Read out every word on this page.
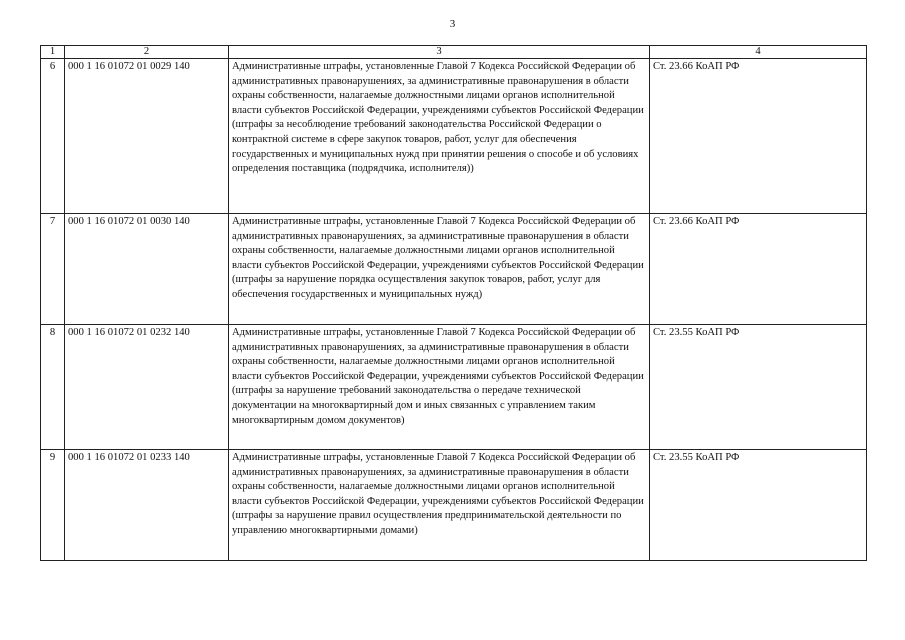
3
1	2	3	4
6	000 1 16 01072 01 0029 140	Административные штрафы, установленные Главой 7 Кодекса Российской Федерации об административных правонарушениях, за административные правонарушения в области охраны собственности, налагаемые должностными лицами органов исполнительной власти субъектов Российской Федерации, учреждениями субъектов Российской Федерации (штрафы за несоблюдение требований законодательства Российской Федерации о контрактной системе в сфере закупок товаров, работ, услуг для обеспечения государственных и муниципальных нужд при принятии решения о способе и об условиях определения поставщика (подрядчика, исполнителя))	Ст. 23.66 КоАП РФ
7	000 1 16 01072 01 0030 140	Административные штрафы, установленные Главой 7 Кодекса Российской Федерации об административных правонарушениях, за административные правонарушения в области охраны собственности, налагаемые должностными лицами органов исполнительной власти субъектов Российской Федерации, учреждениями субъектов Российской Федерации (штрафы за нарушение порядка осуществления закупок товаров, работ, услуг для обеспечения государственных и муниципальных нужд)	Ст. 23.66 КоАП РФ
8	000 1 16 01072 01 0232 140	Административные штрафы, установленные Главой 7 Кодекса Российской Федерации об административных правонарушениях, за административные правонарушения в области охраны собственности, налагаемые должностными лицами органов исполнительной власти субъектов Российской Федерации, учреждениями субъектов Российской Федерации (штрафы за нарушение требований законодательства о передаче технической документации на многоквартирный дом и иных связанных с управлением таким многоквартирным домом документов)	Ст. 23.55 КоАП РФ
9	000 1 16 01072 01 0233 140	Административные штрафы, установленные Главой 7 Кодекса Российской Федерации об административных правонарушениях, за административные правонарушения в области охраны собственности, налагаемые должностными лицами органов исполнительной власти субъектов Российской Федерации, учреждениями субъектов Российской Федерации (штрафы за нарушение правил осуществления предпринимательской деятельности по управлению многоквартирными домами)	Ст. 23.55 КоАП РФ
